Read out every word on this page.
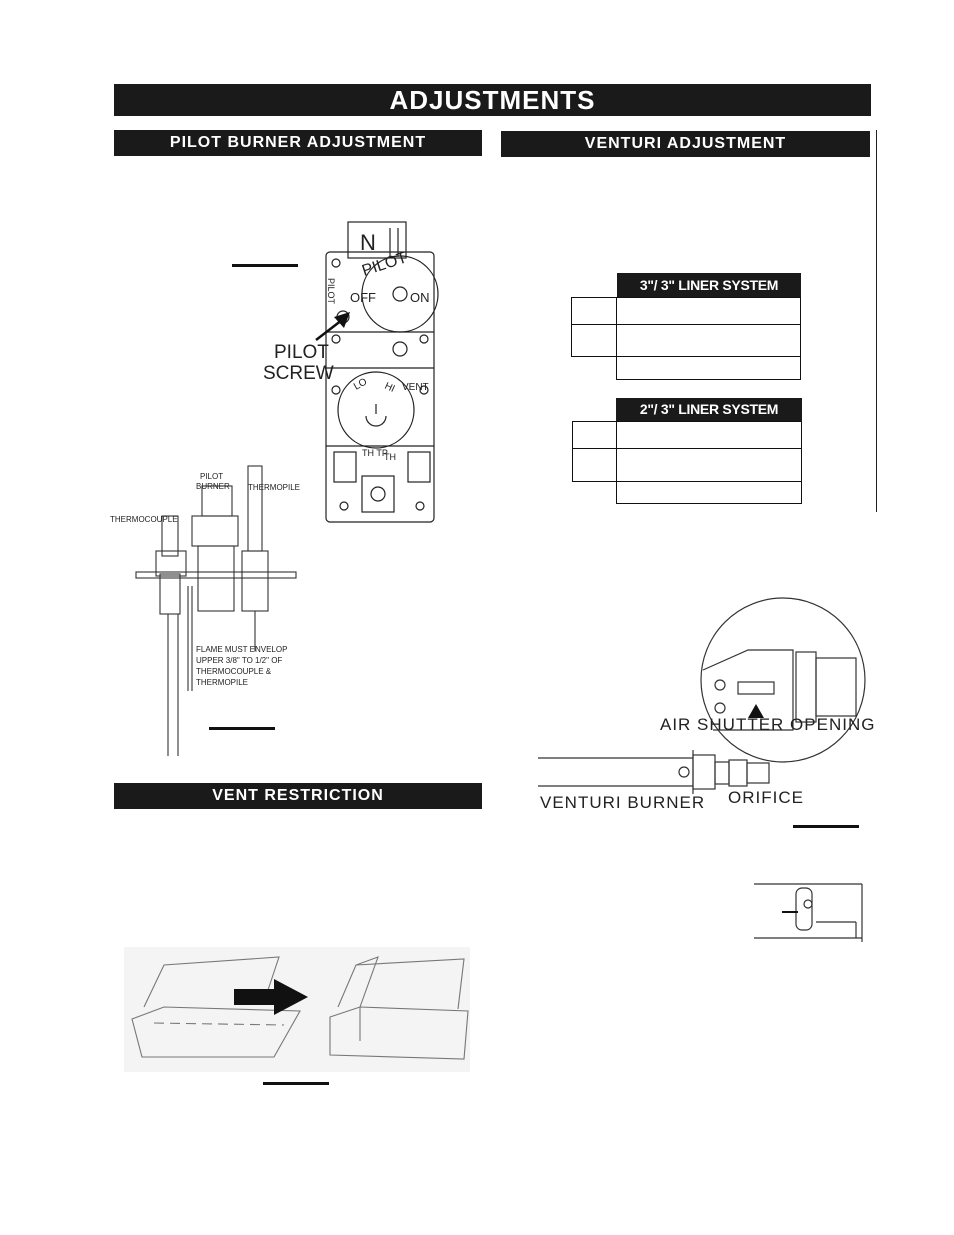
ADJUSTMENTS
PILOT BURNER ADJUSTMENT	VENTURI ADJUSTMENT
VENT RESTRICTION
N
PILOT
OFF	ON
PILOT
LO HI VENT
TH TP
TH
PILOT
SCREW
PILOT
BURNER THERMOPILE
THERMOCOUPLE
FLAME MUST ENVELOP
UPPER 3/8" TO 1/2" OF
THERMOCOUPLE &
THERMOPILE
3"/ 3" LINER SYSTEM
2"/ 3" LINER SYSTEM
AIR SHUTTER OPENING
VENTURI BURNER ORIFICE
